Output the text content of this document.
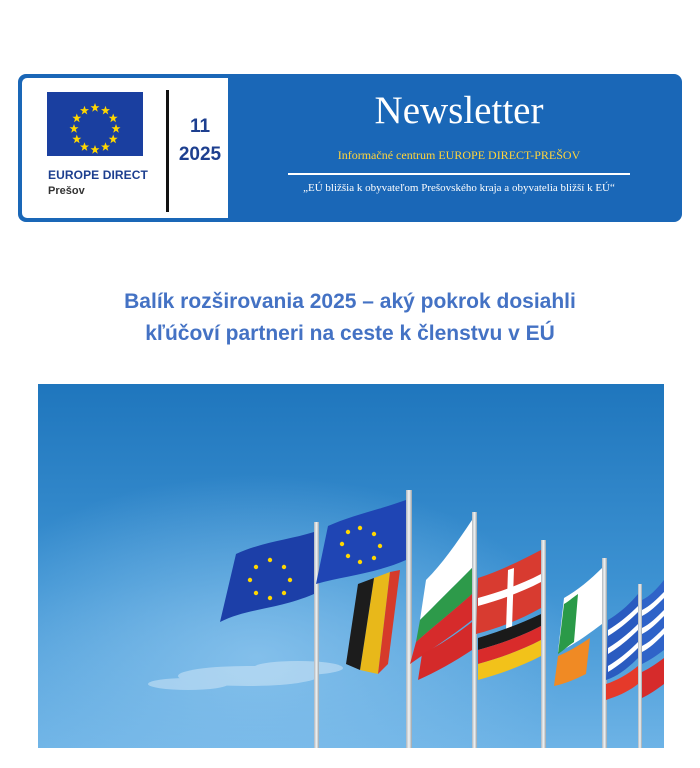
EUROPE DIRECT
Prešov
11
2025
Newsletter
Informačné centrum EUROPE DIRECT-PREŠOV
„EÚ bližšia k obyvateľom Prešovského kraja a obyvatelia bližší k EÚ“
Balík rozširovania 2025 – aký pokrok dosiahli
kľúčoví partneri na ceste k členstvu v EÚ
